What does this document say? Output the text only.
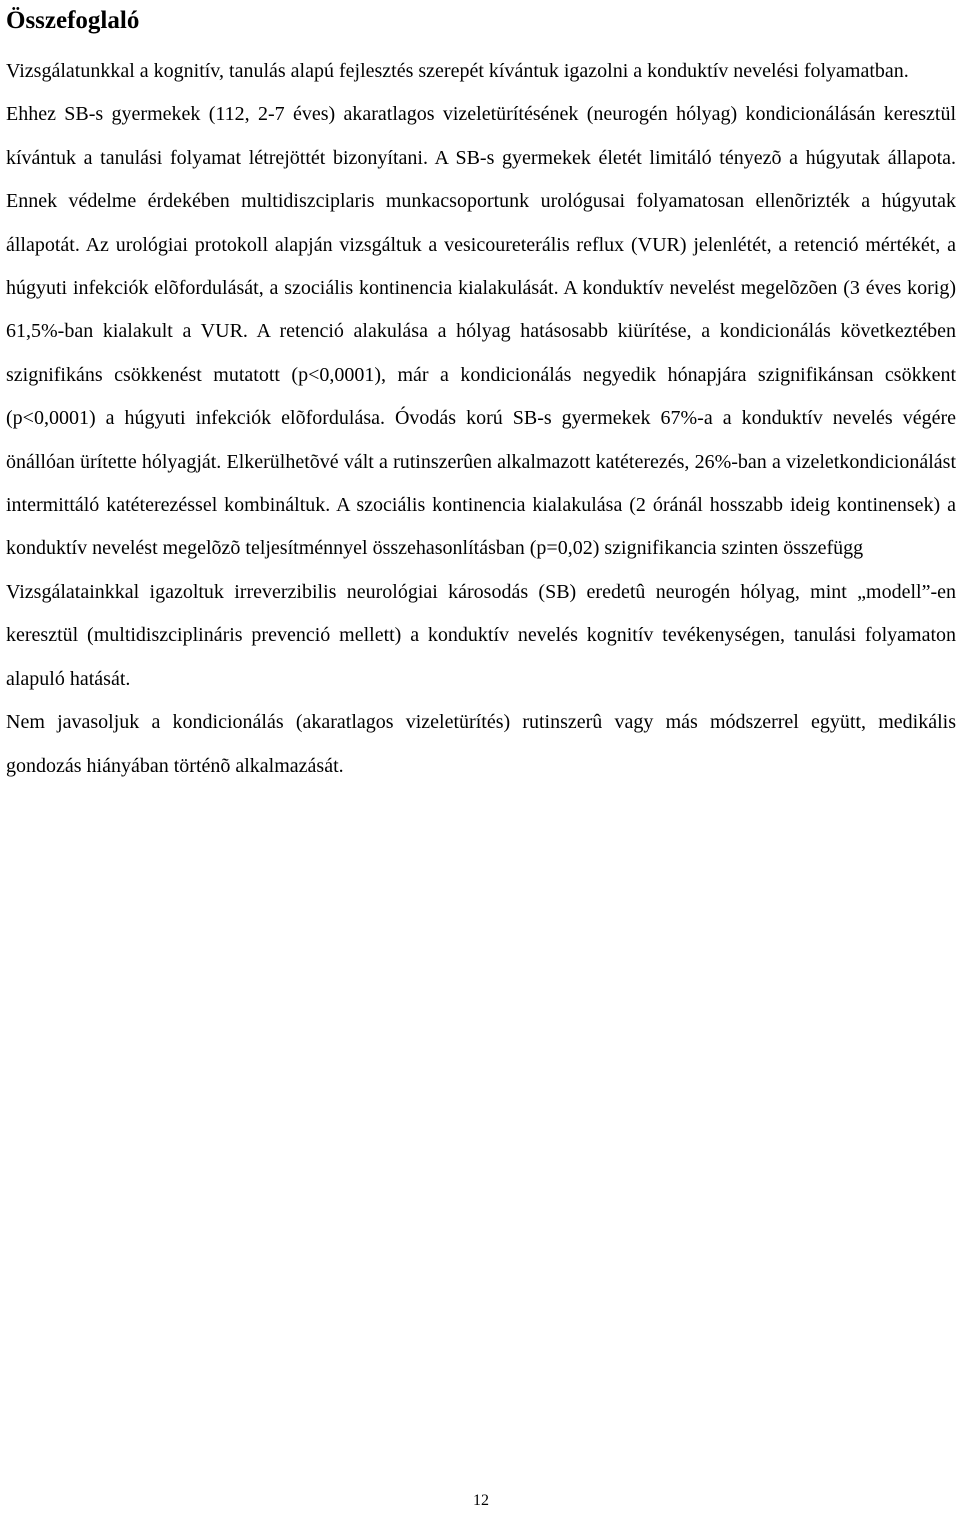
Összefoglaló

Vizsgálatunkkal a kognitív, tanulás alapú fejlesztés szerepét kívántuk igazolni a konduktív nevelési folyamatban.

Ehhez SB-s gyermekek (112, 2-7 éves) akaratlagos vizeletürítésének (neurogén hólyag) kondicionálásán keresztül kívántuk a tanulási folyamat létrejöttét bizonyítani. A SB-s gyermekek életét limitáló tényezõ a húgyutak állapota. Ennek védelme érdekében multidiszciplaris munkacsoportunk urológusai folyamatosan ellenõrizték a húgyutak állapotát. Az urológiai protokoll alapján vizsgáltuk a vesicoureterális reflux (VUR) jelenlétét, a retenció mértékét, a húgyuti infekciók elõfordulását, a szociális kontinencia kialakulását. A konduktív nevelést megelõzõen (3 éves korig) 61,5%-ban kialakult a VUR. A retenció alakulása a hólyag hatásosabb kiürítése, a kondicionálás következtében szignifikáns csökkenést mutatott (p<0,0001), már a kondicionálás negyedik hónapjára szignifikánsan csökkent (p<0,0001) a húgyuti infekciók elõfordulása. Óvodás korú SB-s gyermekek 67%-a a konduktív nevelés végére önállóan ürítette hólyagját. Elkerülhetõvé vált a rutinszerûen alkalmazott katéterezés, 26%-ban a vizeletkondicionálást intermittáló katéterezéssel kombináltuk. A szociális kontinencia kialakulása (2 óránál hosszabb ideig kontinensek) a konduktív nevelést megelõzõ teljesítménnyel összehasonlításban (p=0,02) szignifikancia szinten összefügg

Vizsgálatainkkal igazoltuk irreverzibilis neurológiai károsodás (SB) eredetû neurogén hólyag, mint „modell”-en keresztül (multidiszciplináris prevenció mellett) a konduktív nevelés kognitív tevékenységen, tanulási folyamaton alapuló hatását.

Nem javasoljuk a kondicionálás (akaratlagos vizeletürítés) rutinszerû vagy más módszerrel együtt, medikális gondozás hiányában történõ alkalmazását.

12
